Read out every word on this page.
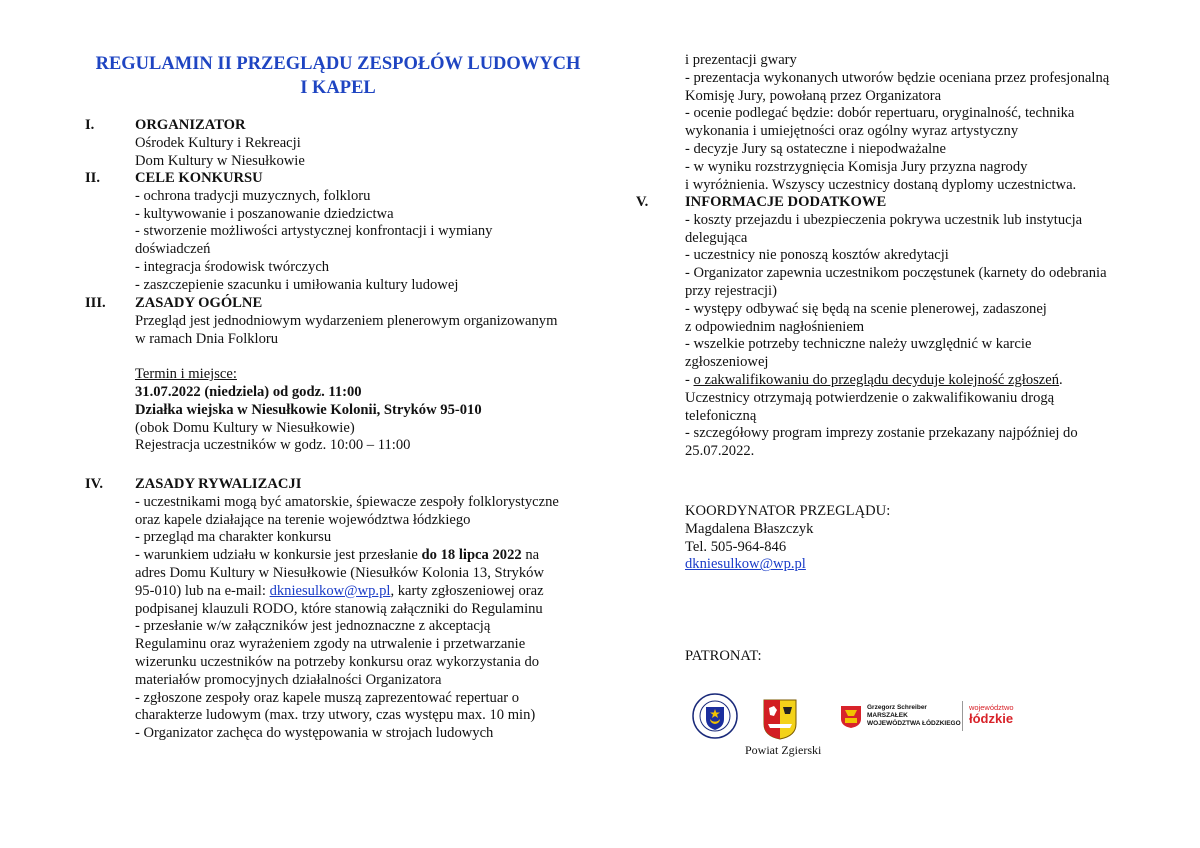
REGULAMIN II PRZEGLĄDU ZESPOŁÓW LUDOWYCH
I KAPEL
I.	ORGANIZATOR
Ośrodek Kultury i Rekreacji
Dom Kultury w Niesułkowie
II. CELE KONKURSU
- ochrona tradycji muzycznych, folkloru
- kultywowanie i poszanowanie dziedzictwa
- stworzenie możliwości artystycznej konfrontacji i wymiany
doświadczeń
- integracja środowisk twórczych
- zaszczepienie szacunku i umiłowania kultury ludowej
III. ZASADY OGÓLNE
Przegląd jest jednodniowym wydarzeniem plenerowym organizowanym
w ramach Dnia Folkloru
Termin i miejsce:
31.07.2022 (niedziela) od godz. 11:00
Działka wiejska w Niesułkowie Kolonii, Stryków 95-010
(obok Domu Kultury w Niesułkowie)
Rejestracja uczestników w godz. 10:00 – 11:00
IV. ZASADY RYWALIZACJI
- uczestnikami mogą być amatorskie, śpiewacze zespoły folklorystyczne
oraz kapele działające na terenie województwa łódzkiego
- przegląd ma charakter konkursu
- warunkiem udziału w konkursie jest przesłanie do 18 lipca 2022 na
adres Domu Kultury w Niesułkowie (Niesułków Kolonia 13, Stryków
95-010) lub na e-mail: dkniesulkow@wp.pl, karty zgłoszeniowej oraz
podpisanej klauzuli RODO, które stanowią załączniki do Regulaminu
- przesłanie w/w załączników jest jednoznaczne z akceptacją
Regulaminu oraz wyrażeniem zgody na utrwalenie i przetwarzanie
wizerunku uczestników na potrzeby konkursu oraz wykorzystania do
materiałów promocyjnych działalności Organizatora
- zgłoszone zespoły oraz kapele muszą zaprezentować repertuar o
charakterze ludowym (max. trzy utwory, czas występu max. 10 min)
- Organizator zachęca do występowania w strojach ludowych
i prezentacji gwary
- prezentacja wykonanych utworów będzie oceniana przez profesjonalną
Komisję Jury, powołaną przez Organizatora
- ocenie podlegać będzie: dobór repertuaru, oryginalność, technika
wykonania i umiejętności oraz ogólny wyraz artystyczny
- decyzje Jury są ostateczne i niepodważalne
- w wyniku rozstrzygnięcia Komisja Jury przyzna nagrody
i wyróżnienia. Wszyscy uczestnicy dostaną dyplomy uczestnictwa.
V.	INFORMACJE DODATKOWE
- koszty przejazdu i ubezpieczenia pokrywa uczestnik lub instytucja
delegująca
- uczestnicy nie ponoszą kosztów akredytacji
- Organizator zapewnia uczestnikom poczęstunek (karnety do odebrania
przy rejestracji)
- występy odbywać się będą na scenie plenerowej, zadaszonej
z odpowiednim nagłośnieniem
- wszelkie potrzeby techniczne należy uwzględnić w karcie
zgłoszeniowej
- o zakwalifikowaniu do przeglądu decyduje kolejność zgłoszeń.
Uczestnicy otrzymają potwierdzenie o zakwalifikowaniu drogą
telefoniczną
- szczegółowy program imprezy zostanie przekazany najpóźniej do
25.07.2022.
KOORDYNATOR PRZEGLĄDU:
Magdalena Błaszczyk
Tel. 505-964-846
dkniesulkow@wp.pl
PATRONAT:
Powiat Zgierski
Grzegorz Schreiber
MARSZAŁEK
WOJEWÓDZTWA ŁÓDZKIEGO
województwo
łódzkie
